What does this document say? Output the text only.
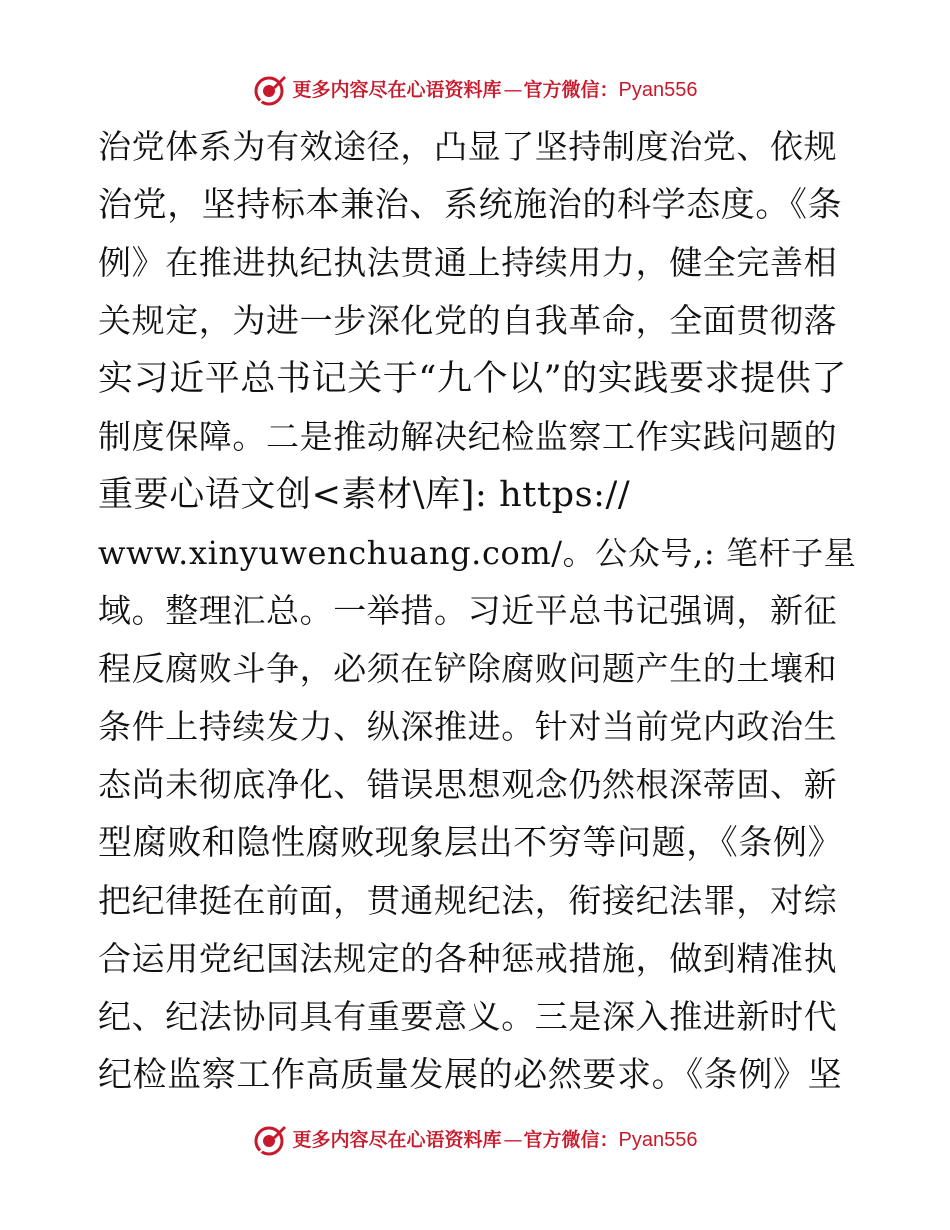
更多内容尽在心语资料库 — 官方微信： Pyan556
治党体系为有效途径，凸显了坚持制度治党、依规
治党，坚持标本兼治、系统施治的科学态度。《条
例》在推进执纪执法贯通上持续用力，健全完善相
关规定，为进一步深化党的自我革命，全面贯彻落
实习近平总书记关于“九个以”的实践要求提供了
制度保障。二是推动解决纪检监察工作实践问题的
重要心语文创<素材\库]: https://
www.xinyuwenchuang.com/。公众号,: 笔杆子星
域。整理汇总。一举措。习近平总书记强调，新征
程反腐败斗争，必须在铲除腐败问题产生的土壤和
条件上持续发力、纵深推进。针对当前党内政治生
态尚未彻底净化、错误思想观念仍然根深蒂固、新
型腐败和隐性腐败现象层出不穷等问题，《条例》
把纪律挺在前面，贯通规纪法，衔接纪法罪，对综
合运用党纪国法规定的各种惩戒措施，做到精准执
纪、纪法协同具有重要意义。三是深入推进新时代
纪检监察工作高质量发展的必然要求。《条例》坚
更多内容尽在心语资料库 — 官方微信： Pyan556
